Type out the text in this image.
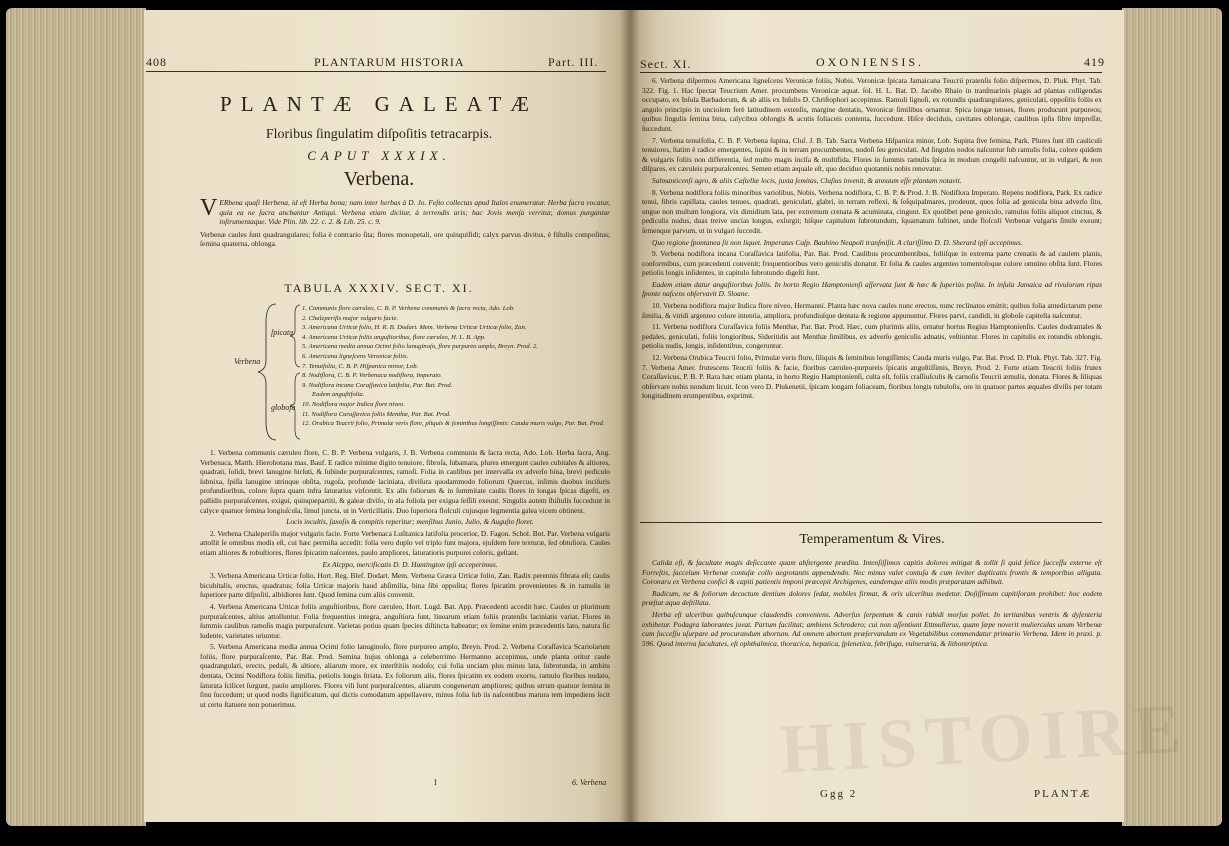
408	PLANTARUM HISTORIA	Part. III.
PLANTÆ GALEATÆ
Floribus ſingulatim diſpoſitis tetracarpis.
CAPUT XXXIX.
Verbena.
V ERbena quaſi Herbena, id eſt Herba bona; nam inter herbas à D. Jo. Feſto collectas apud Italos enumeratur. Herba facra vocatur, quia ea ne ſacra ancbantur Antiqui. Verbena etiam dicitur, à terrendis aris; hac Jovis menſa verritur, domus purgantur inſtrumentaque. Vide Plin. lib. 22. c. 2. & Lib. 25. c. 9.
Verbenæ caules ſunt quadrangulares; folia è contrario ſita; flores monopetali, ore quinquifidi; calyx parvus divitus, è fiſtulis compoſitus; ſemina quaterna, oblonga.
TABULA XXXIV. SECT. XI.
Verbena
ſpicata
globoſa
1. Communis flore cæruleo, C. B. P. Verbena communis & ſacra recta, Ado. Lob.
2. Chaleperiſis major vulgaris facie.
3. Americana Urticæ folio, H. R. B. Dodart. Mem. Verbena Urticæ Urticæ folio, Zan.
4. Americana Urticæ foliis anguſtioribus, flore cæruleo, H. L. B. App.
5. Americana media annua Ocimi folio lanuginoſo, flore purpureo amplo, Breyn. Prod. 2.
6. Americana ligneſcens Veronicæ foliis.
7. Tenuifolia, C. B. P. Hiſpanica minor, Lob.
8. Nodiflora, C. B. P. Verbenaca nodiflora, Imperato.
9. Nodiflora incana Coraſſavica latifolia, Par. Bat. Prod.
Eadem anguſtifolia.
10. Nodiflora major Indica flore niveo.
11. Nodiflora Curaſſavica foliis Menthæ, Par. Bat. Prod.
12. Orubica Teucrii folio, Primulæ veris flore, pliquis & ſeminibus longiſſimis: Cauda muris vulgo, Par. Bat. Prod.

1. Verbena communis cæruleo flore, C. B. P. Verbena vulgaris, J. B. Verbena communis & ſacra recta, Ado. Lob. Herba ſacra, Ang. Verbenaca, Matth. Hierobotana mas, Bauf. E radice minime digito tenuiore, fibroſa, ſubamara, plures emergunt caules cubitales & altiores, quadrati, ſolidi, brevi lanugine hirſuti, & ſubinde purpuraſcentes, ramoſi. Folia in caulibus per intervalla ex adverſo bina, brevi pediculo ſubnixa, ſpiſſa lanugine utrinque obſita, rugoſa, profunde laciniata, diviſura quodammodo foliorum Quercus, inſimis duobus inciſuris profundioribus, colore ſupra quam infra ſaturatius virſcentit. Ex alis foliorum & in ſummitate caulis flores in longas ſpicas digeſti, ex pallidis purpuraſcentes, exigui, quinquepartiti, & galeæ diviſo, in ala foliola per exigua ſeſſili exeunt. Singulis autem ſhiſtulis ſuccedunt in calyce quatuor ſemina longiuſcula, ſimul juncta, ut in Verticillatis. Duo ſuperiora floſculi cujusque legmentia galea vicem obtinent.

Locis incultis, ſaxoſis & compitis reperitur; menſibus Junio, Julio, & Auguſto floret.

2. Verbena Chaleperiſis major vulgaris facie. Forte Verbenaca Luſitanica latifolia procerior, D. Fagon. Schol. Bot. Par. Verbena vulgaris attollit ſe omnibus modis eſt, cui hæc permiſta accedit: folia vero duplo vel triplo funt majora, ejuſdem fere texturæ, ſed obtuſiora. Caules etiam altiores & robuſtiores, flores ſpicatim naſcentes, paulo ampliores, ſaturatioris purpurei coloris, geſtant.

Ex Alcppo, mercificatis D. D. Huntington ipſi acceperimus.

3. Verbena Americana Urticæ folio, Hort. Reg. Blef. Dodart. Mem. Verbena Græca Urticæ folio, Zan. Radix perennis fibrata eſt; caulis bicubitalis, erectus, quadratus; folia Urticæ majoris haud abſimilia, bina ſibi oppoſita; flores ſpicatim provenientes & in ramulis in ſuperiore parte diſpoſiti, albidiores ſunt. Quod ſemina cum aliis convenit.

4. Verbena Americana Urticæ foliis anguſtioribus, flore cæruleo, Hort. Lugd. Bat. App. Præcedenti accedit hæc. Caules ut plurimum purpuraſcentes, altius attolluntur. Folia frequentius integra, anguſtiora ſunt, linearum etiam foliis pratenſis laciniatis variat. Flores in ſummis caulibus ramoſis magis purpuraſcunt. Varietas potius quam ſpecies diſtincta habeatur; ex ſemine enim præcedentis lato, natura ſic ludente, varietates oriuntur.

5. Verbena Americana media annua Ocimi folio lanuginoſo, flore purpureo amplo, Breyn. Prod. 2. Verbena Coraſſavica Scariolarum foliis, flore purpuraſcente, Par. Bat. Prod. Semina hujus oblonga a celeberrimo Hermanno accepimus, unde planta oritur caule quadrangulari, erecto, pedali, & altiore, aliarum more, ex interſtitiis nodoſo; cui folia unciam plus minus lata, ſubrotunda, in ambitu dentata, Ocimi Nodiflora foliis ſimilia, petiolis longis ſtriata. Ex foliorum alis, flores ſpicatim ex eodem exortu, ramulo floribus nudato, ſaturata ſcilicet ſurgunt, paulo ampliores. Flores vili ſunt purpuraſcentes, aliarum congenerum ampliores; quibus utrum quatuor ſemina in ſinu ſuccedunt; ut quod nodis ſignificatum, qui dictis comodatum appellavere, minus folia ſub iis naſcentibus matura tem impediens ſecit ut certo ſtatuere non potuerimus.

I	6. Verbena
Sect. XI.	OXONIENSIS.	419

6. Verbena diſpermos Americana ligneſcens Veronicæ foliis, Nobis. Veronicæ ſpicata Jamaicana Teucrii pratenſis folio diſpermos, D. Pluk. Phyt. Tab. 322. Fig. 1. Hac ſpectat Teucrium Amer. procumbens Veronicæ aquat. ſol. H. L. Bat. D. Jacobo Rhaio in tranſmarinis plagis ad plantas colligendas occupato, ex Inſula Barbadorum, & ab aliis ex Inſulis D. Chriſtophori accepimus. Ramuli lignoſi, ex rotundis quadrangulares, geniculati, oppoſitis foliis ex angulo principio in unciolem ferè latitudinem extenſis, margine dentatis, Veronicæ ſimilibus ornantur. Spica longæ tenues, flores producunt purpureos; quibus ſingulis ſemina bina, calycibus oblongis & acutis foliaceis contenta, ſuccedunt. Hiſce deciduis, cavitates oblongæ, caulibus ipſis fibre impreſſæ, ſuccedunt.

7. Verbena tenuifolia, C. B. P. Verbena ſupina, Cluſ. J. B. Tab. Sacra Verbena Hiſpanica minor, Lob. Supina ſive femina, Park. Plures ſunt illi cauliculi tenuiores, ſtatim è radice emergentes, ſupini & in terram procumbentes, nodoſi ſeu geniculati. Ad ſingulos nodos naſcuntur ſub ramulis folia, colore quidem & vulgaris foliis non differentia, ſed multo magis inciſa & multifida. Flores in ſummis ramulis ſpica in modum congeſti naſcuntur, ut in vulgari, & non diſpares, ex cæruleis purpuraſcentes. Semen etiam æquale eſt, quo deciduo quotannis nobis renovatur.

Salmanticenſi agro, & aliis Caſtellæ locis, juxta ſemitas, Cluſius invenit, & annuum eſſe plantam notavit.

8. Verbena nodiflora foliis minoribus variolibus, Nobis. Verbena nodiflora, C. B. P. & Prod. J. B. Nodiflora Imperato. Repens nodiflora, Park. Ex radice tenui, fibris capillata, caules tenues, quadrati, geniculati, glabri, in terram reflexi, & ſeſquipalmares, prodeunt, quos folia ad genicula bina adverſo ſitu, ungue non multum longiora, vix dimidium lata, per extremum crenata & acuminata, cingunt. Ex quolibet pene geniculo, ramulus foliis aliquot cinctus, & pediculis nudus, duas treive uncias longus, exſurgit; hiſque capitulum ſubrotundum, ſquamatum ſuſtinet, unde floſculi Verbenæ vulgaris ſimile exeunt; ſemenque parvum, ut in vulgari ſuccedit.

Quo regione ſpontanea ſit non liquet. Imperatus Caſp. Bauhino Neapoli tranſmiſit. A clariſſimo D. D. Sherard ipſi accepimus.

9. Verbena nodiflora incana Coraſſavica latifolia, Par. Bat. Prod. Caulibus procumbentibus, foliiſque in extrema parte crenatis & ad caulem planis, conformibus, cum præcedenti convenit; frequentioribus vero geniculis donatur. Et folia & caules argenteo tomentoſoque colore omnino obſita ſunt. Flores petiolis longis inſidentes, in capitulo ſubrotundo digeſti ſunt.

Eadem etiam datur anguſtioribus foliis. In horto Regio Hamptonienſi aſſervata ſunt & hæc & ſuperiùs poſita. In inſula Jamaica ad rivulorum ripas ſponte naſcens obſervavit D. Sloane.

10. Verbena nodiflora major Indica flore niveo, Hermanni. Planta hæc nova caules nunc erectos, nunc reclinatos emittit; quibus folia antedictarum pene ſimilia, & viridi argenteo colore intentia, ampliora, profundiuſque dentata & regione appununtur. Flores parvi, candidi, in globoſe capitella naſcuntur.

11. Verbena nodiflora Curaſſavica foliis Menthæ, Par. Bat. Prod. Hæc, cum plurimis aliis, ornatur hortus Regius Hamptonienſis. Caules dodrantales & pedales, geniculati, foliis longioribus, Sideritidis aut Menthæ ſimilibus, ex adverſo geniculis adnatis, veſtiuntur. Flores in capitulis ex rotundis oblongis, petiolis nudis, longis, inſidentibus, congeruntur.

12. Verbena Orubica Teucrii folio, Primulæ veris flore, ſiliquis & ſeminibus longiſſimis; Cauda muris vulgo, Par. Bat. Prod. D. Pluk. Phyt. Tab. 327. Fig. 7. Verbena Amer. frutescens Teucrii foliis & facie, floribus cæruleo-purpureis ſpicatis anguſtiſſimis, Breyn. Prod. 2. Forte etiam Teucrii foliis frutex Coraſſavicus, P. B. P. Rara hæc etiam planta, in horto Regio Hamptonienſi, culta eſt, foliis craſſiuſculis & carnoſis Teucrii æmulis, donata. Flores & ſiliquas obſervare nobis nondum licuit. Icon vero D. Plukenetii, ſpicam longam foliaceam, floribus longis tubuloſis, ore in quatuor partes æquales diviſis per totam longitudinem erumpentibus, exprimit.

Temperamentum & Vires.

Calida eſt, & facultate magis deſiccante quam abſtergente prædita. Intenſiſſimos capitis dolores mitigat & tollit ſi quid felice ſucceſſu externe eſt Forreſtis, ſaccelum Verbenæ contuſæ collo aegrotantis appendendo. Nec minus valet contuſa & cum leviter duplicatis frontis & temporibus alligata. Coronaru ex Verbena confici & capiti patientis imponi præcepit Archigenes, eandemque aliis modis præparatam adhibuit.

Radicum, ne & foliorum decoctum dentium dolores ſedat, mobiles firmat, & oris ulceribus medetur. Doſiſſimum capitiſoram prohibet: hoc eodem præſtat aqua deſtillata.

Herba eſt ulceribus quibuſcunque claudendis conveniens. Adverſus ſerpentum & canis rabidi morſus pollet. In tertianibus ventris & dyſenteria exhibetur. Podagra laborantes juvat. Partum facilitat; ambiens Schrodero; cui non aſſentiunt Ettmullerus, quam ſæpe noverit mulierculas unum Verbenæ cum ſucceſſu uſurpare ad procurandum abortum. Ad omnem abortum præſervandum ex Vegetabilibus commendatur primario Verbena. Idem in praxi. p. 596. Quod interna facultates, eſt ophthalmica, thoracica, hepatica, ſplenetica, febrifuga, vulneraria, & lithontriptica.

HISTOIRE
Ggg 2	PLANTÆ
